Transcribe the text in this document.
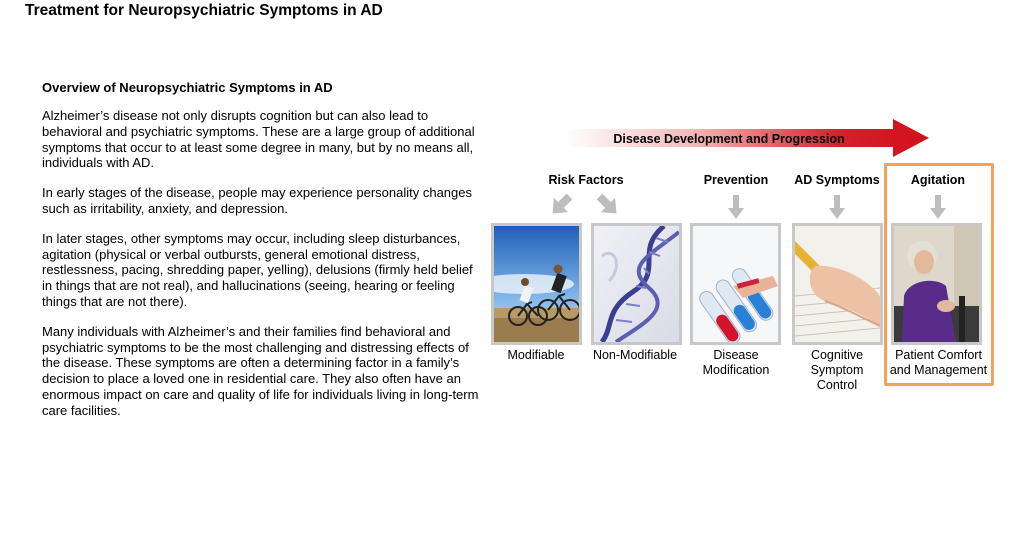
Treatment for Neuropsychiatric Symptoms in AD
Overview of Neuropsychiatric Symptoms in AD

Alzheimer’s disease not only disrupts cognition but can also lead to behavioral and psychiatric symptoms. These are a large group of additional symptoms that occur to at least some degree in many, but by no means all, individuals with AD.

In early stages of the disease, people may experience personality changes such as irritability, anxiety, and depression.

In later stages, other symptoms may occur, including sleep disturbances, agitation (physical or verbal outbursts, general emotional distress, restlessness, pacing, shredding paper, yelling), delusions (firmly held belief in things that are not real), and hallucinations (seeing, hearing or feeling things that are not there).

Many individuals with Alzheimer’s and their families find behavioral and psychiatric symptoms to be the most challenging and distressing effects of the disease. These symptoms are often a determining factor in a family’s decision to place a loved one in residential care. They also often have an enormous impact on care and quality of life for individuals living in long-term care facilities.

Disease Development and Progression
Risk Factors	Prevention	AD Symptoms	Agitation
Modifiable	Non-Modifiable	Disease
Modification
Cognitive
Symptom
Control
Patient Comfort
and Management
